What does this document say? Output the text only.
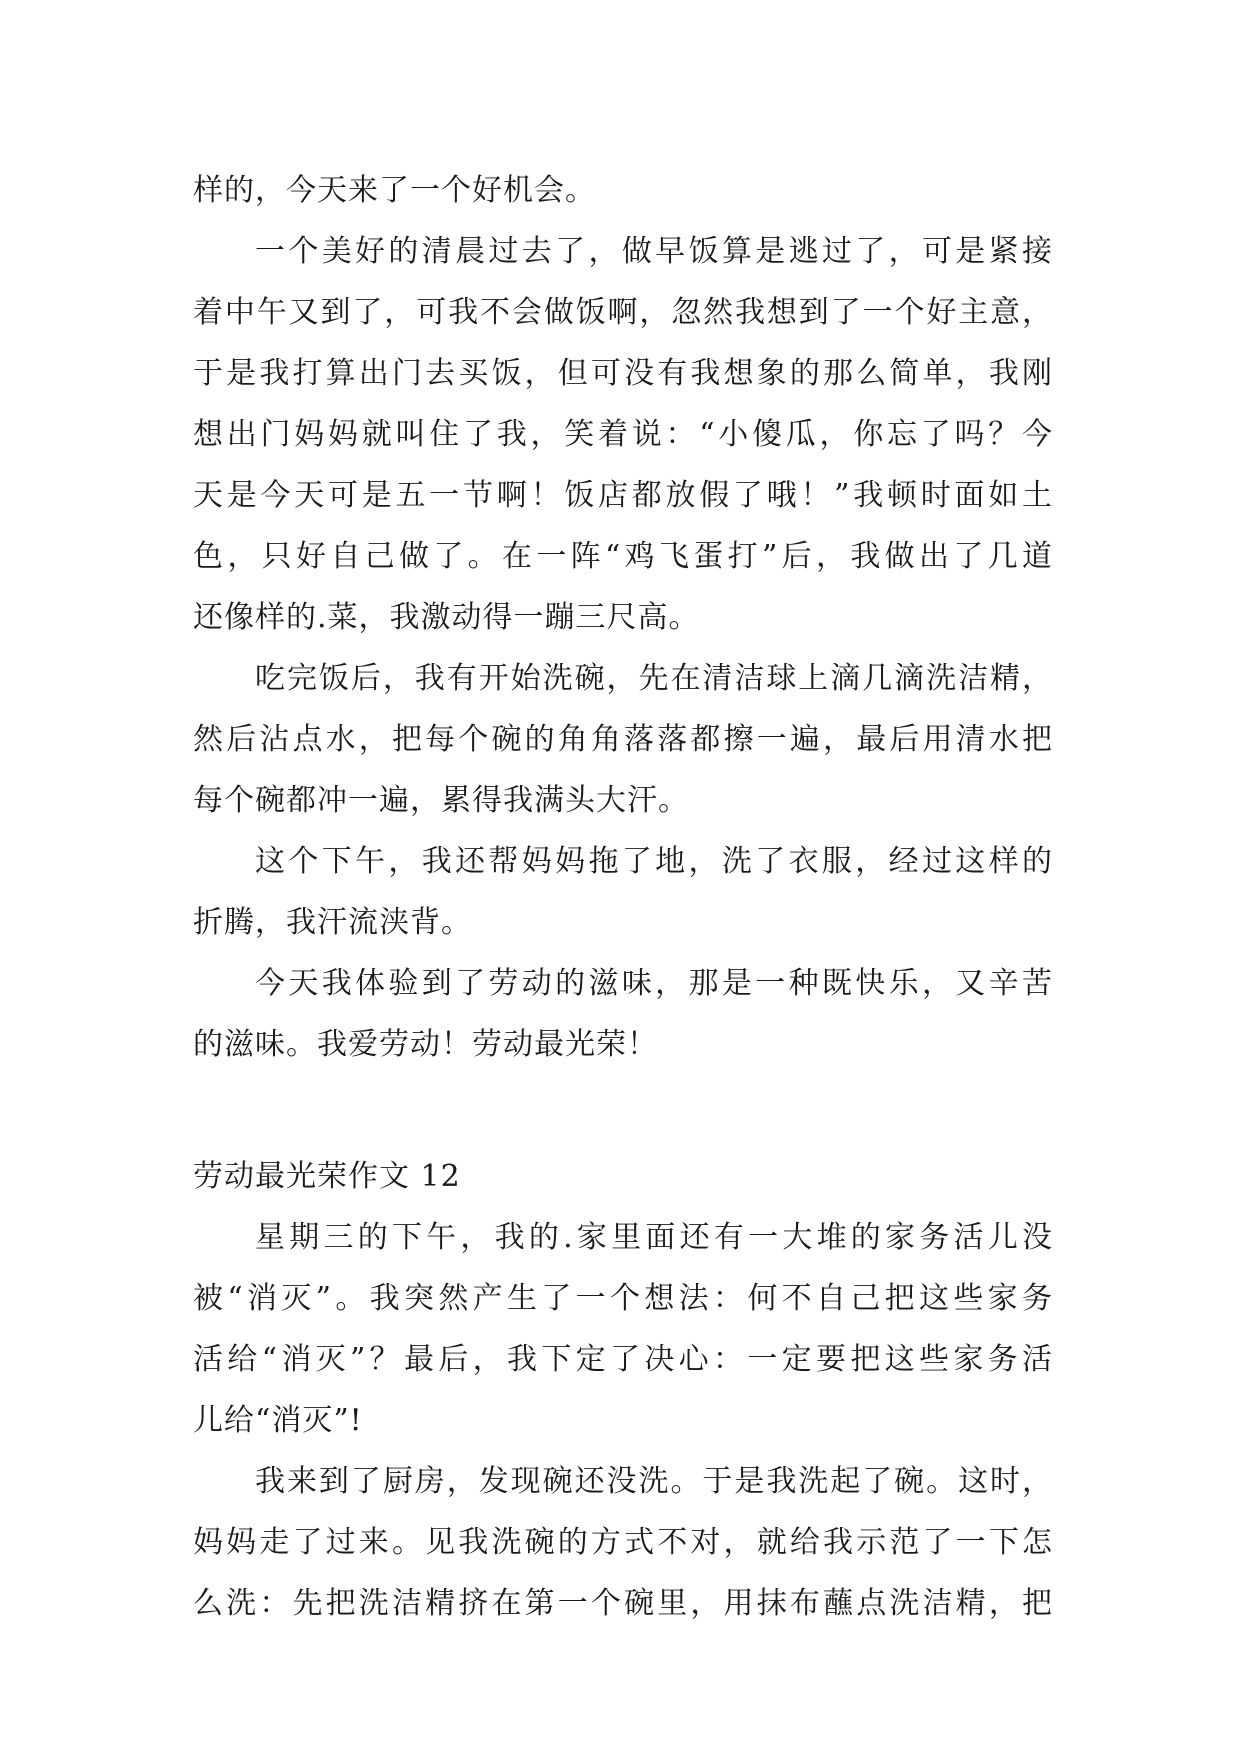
样的，今天来了一个好机会。
一个美好的清晨过去了，做早饭算是逃过了，可是紧接
着中午又到了，可我不会做饭啊，忽然我想到了一个好主意，
于是我打算出门去买饭，但可没有我想象的那么简单，我刚
想出门妈妈就叫住了我，笑着说：“小傻瓜，你忘了吗？今
天是今天可是五一节啊！饭店都放假了哦！”我顿时面如土
色，只好自己做了。在一阵“鸡飞蛋打”后，我做出了几道
还像样的.菜，我激动得一蹦三尺高。
吃完饭后，我有开始洗碗，先在清洁球上滴几滴洗洁精，
然后沾点水，把每个碗的角角落落都擦一遍，最后用清水把
每个碗都冲一遍，累得我满头大汗。
这个下午，我还帮妈妈拖了地，洗了衣服，经过这样的
折腾，我汗流浃背。
今天我体验到了劳动的滋味，那是一种既快乐，又辛苦
的滋味。我爱劳动！劳动最光荣！
劳动最光荣作文 12
星期三的下午，我的.家里面还有一大堆的家务活儿没
被“消灭”。我突然产生了一个想法：何不自己把这些家务
活给“消灭”？最后，我下定了决心：一定要把这些家务活
儿给“消灭”!
我来到了厨房，发现碗还没洗。于是我洗起了碗。这时，
妈妈走了过来。见我洗碗的方式不对，就给我示范了一下怎
么洗：先把洗洁精挤在第一个碗里，用抹布蘸点洗洁精，把
